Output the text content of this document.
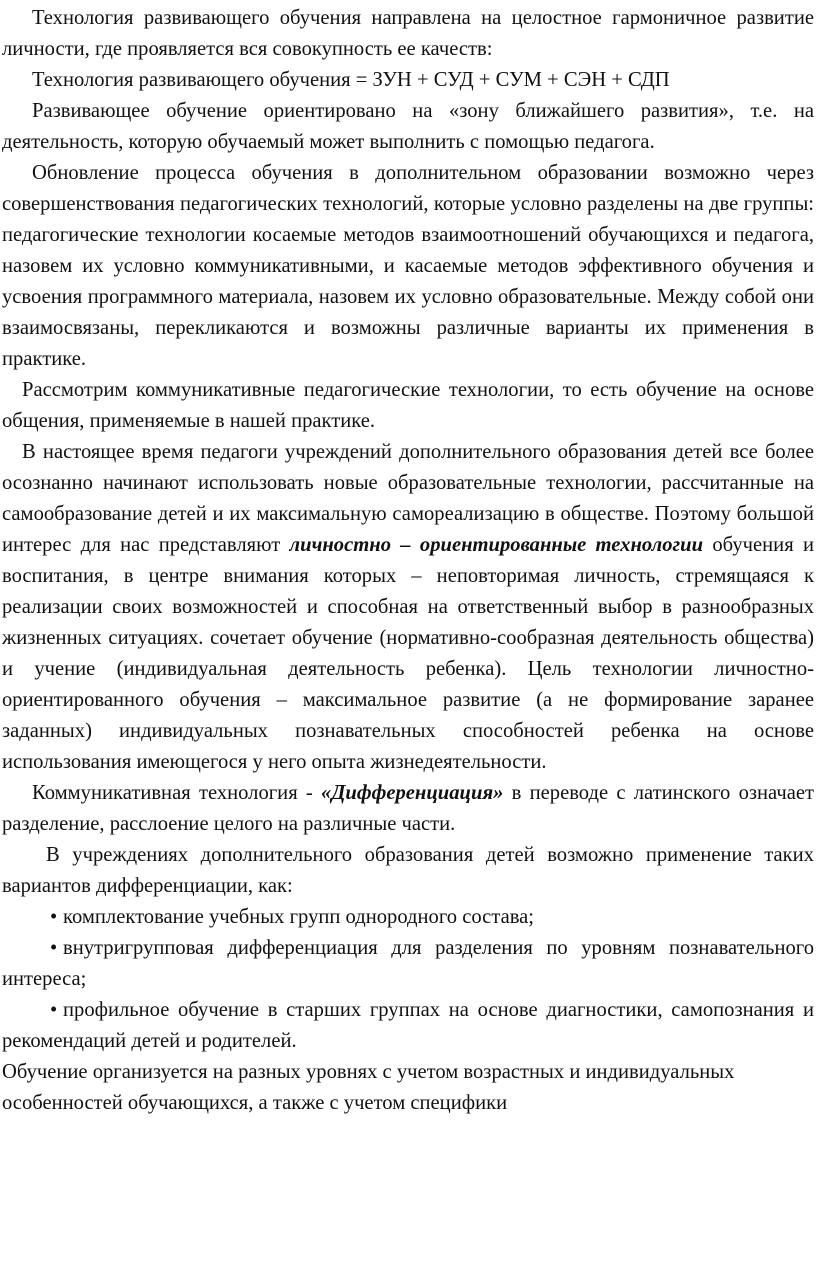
Технология развивающего обучения направлена на целостное гармоничное развитие личности, где проявляется вся совокупность ее качеств:

Технология развивающего обучения = ЗУН + СУД + СУМ + СЭН + СДП

Развивающее обучение ориентировано на «зону ближайшего развития», т.е. на деятельность, которую обучаемый может выполнить с помощью педагога.

Обновление процесса обучения в дополнительном образовании возможно через совершенствования педагогических технологий, которые условно разделены на две группы: педагогические технологии косаемые методов взаимоотношений обучающихся и педагога, назовем их условно коммуникативными, и касаемые методов эффективного обучения и усвоения программного материала, назовем их условно образовательные. Между собой они взаимосвязаны, перекликаются и возможны различные варианты их применения в практике.

Рассмотрим коммуникативные педагогические технологии, то есть обучение на основе общения, применяемые в нашей практике.

В настоящее время педагоги учреждений дополнительного образования детей все более осознанно начинают использовать новые образовательные технологии, рассчитанные на самообразование детей и их максимальную самореализацию в обществе. Поэтому большой интерес для нас представляют личностно – ориентированные технологии обучения и воспитания, в центре внимания которых – неповторимая личность, стремящаяся к реализации своих возможностей и способная на ответственный выбор в разнообразных жизненных ситуациях. сочетает обучение (нормативно-сообразная деятельность общества) и учение (индивидуальная деятельность ребенка). Цель технологии личностно-ориентированного обучения – максимальное развитие (а не формирование заранее заданных) индивидуальных познавательных способностей ребенка на основе использования имеющегося у него опыта жизнедеятельности.

Коммуникативная технология - «Дифференциация» в переводе с латинского означает разделение, расслоение целого на различные части.

В учреждениях дополнительного образования детей возможно применение таких вариантов дифференциации, как:

• комплектование учебных групп однородного состава;

• внутригрупповая дифференциация для разделения по уровням познавательного интереса;

• профильное обучение в старших группах на основе диагностики, самопознания и рекомендаций детей и родителей.

Обучение организуется на разных уровнях с учетом возрастных и индивидуальных особенностей обучающихся, а также с учетом специфики
